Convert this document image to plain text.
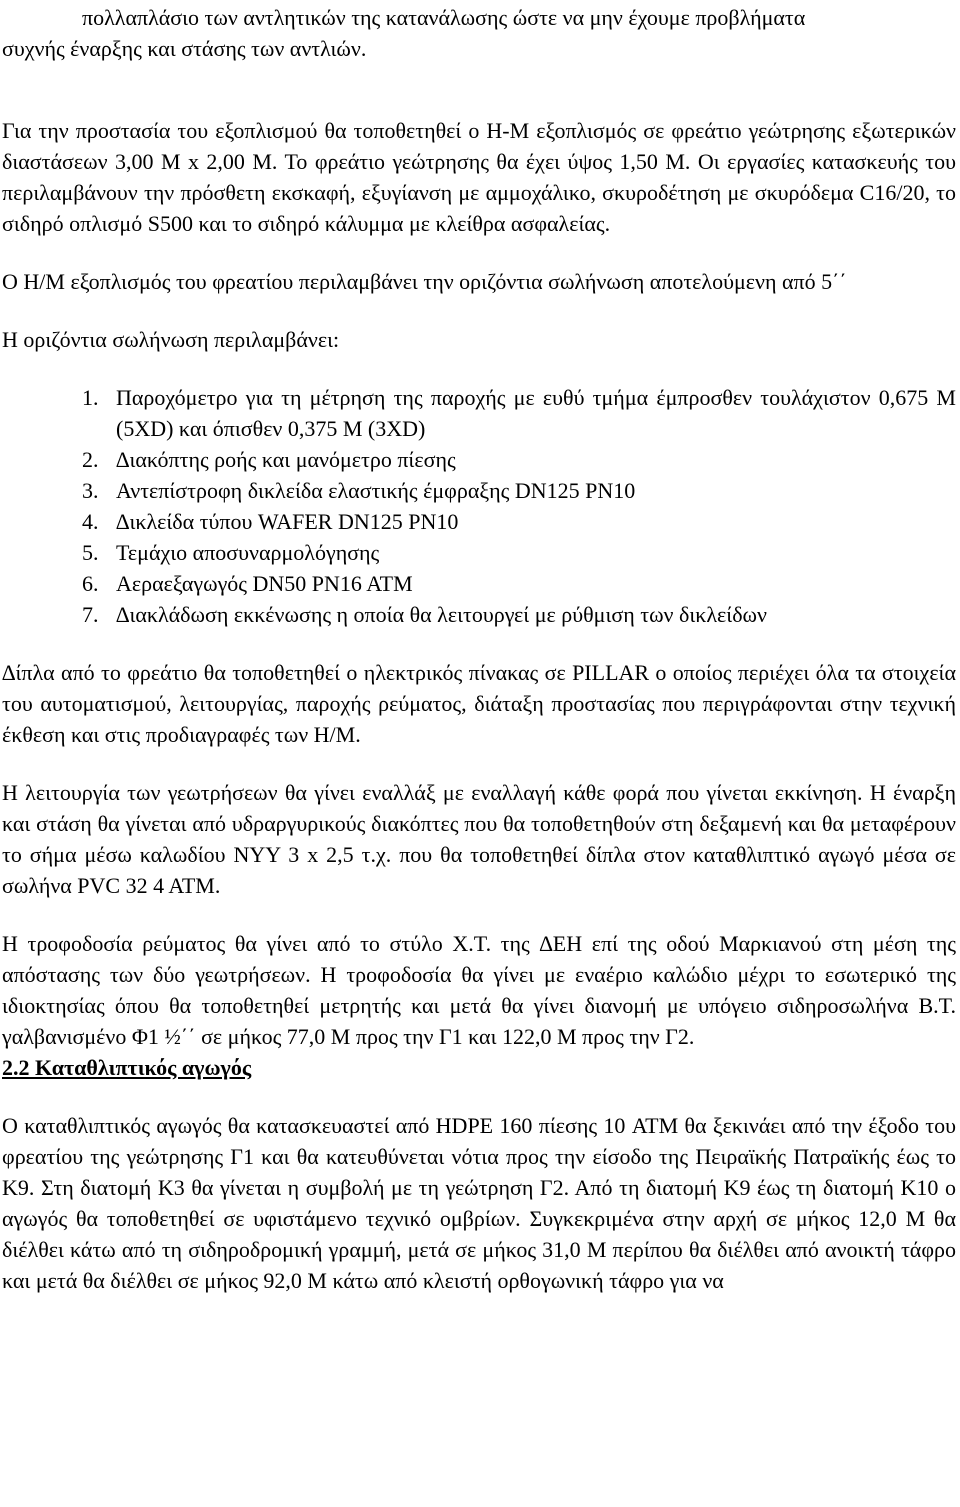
πολλαπλάσιο των αντλητικών της κατανάλωσης ώστε να μην έχουμε προβλήματα

συχνής έναρξης και στάσης των αντλιών.

Για την προστασία του εξοπλισμού θα τοποθετηθεί ο Η-Μ εξοπλισμός σε φρεάτιο γεώτρησης εξωτερικών διαστάσεων 3,00 Μ x 2,00 Μ. Το φρεάτιο γεώτρησης θα έχει ύψος 1,50 Μ. Οι εργασίες κατασκευής του περιλαμβάνουν την πρόσθετη εκσκαφή, εξυγίανση με αμμοχάλικο, σκυροδέτηση με σκυρόδεμα C16/20, το σιδηρό οπλισμό S500 και το σιδηρό κάλυμμα με κλείθρα ασφαλείας.

Ο Η/Μ εξοπλισμός του φρεατίου περιλαμβάνει την οριζόντια σωλήνωση αποτελούμενη από 5΄΄

Η οριζόντια σωλήνωση περιλαμβάνει:

1. Παροχόμετρο για τη μέτρηση της παροχής με ευθύ τμήμα έμπροσθεν τουλάχιστον 0,675 Μ (5XD) και όπισθεν 0,375 Μ (3XD)
2. ∆ιακόπτης ροής και μανόμετρο πίεσης
3. Αντεπίστροφη δικλείδα ελαστικής έμφραξης DN125 PN10
4. ∆ικλείδα τύπου WAFER DN125 PN10
5. Τεμάχιο αποσυναρμολόγησης
6. Αεραεξαγωγός DN50 PN16 ATM
7. ∆ιακλάδωση εκκένωσης η οποία θα λειτουργεί με ρύθμιση των δικλείδων

∆ίπλα από το φρεάτιο θα τοποθετηθεί ο ηλεκτρικός πίνακας σε PILLAR ο οποίος περιέχει όλα τα στοιχεία του αυτοματισμού, λειτουργίας, παροχής ρεύματος, διάταξη προστασίας που περιγράφονται στην τεχνική έκθεση και στις προδιαγραφές των Η/Μ.

Η λειτουργία των γεωτρήσεων θα γίνει εναλλάξ με εναλλαγή κάθε φορά που γίνεται εκκίνηση. Η έναρξη και στάση θα γίνεται από υδραργυρικούς διακόπτες που θα τοποθετηθούν στη δεξαμενή και θα μεταφέρουν το σήμα μέσω καλωδίου NYY 3 x 2,5 τ.χ. που θα τοποθετηθεί δίπλα στον καταθλιπτικό αγωγό μέσα σε σωλήνα PVC 32 4 ATM.

Η τροφοδοσία ρεύματος θα γίνει από το στύλο Χ.Τ. της ∆ΕΗ επί της οδού Μαρκιανού στη μέση της απόστασης των δύο γεωτρήσεων. Η τροφοδοσία θα γίνει με εναέριο καλώδιο μέχρι το εσωτερικό της ιδιοκτησίας όπου θα τοποθετηθεί μετρητής και μετά θα γίνει διανομή με υπόγειο σιδηροσωλήνα Β.Τ. γαλβανισμένο Φ1 ½΄΄ σε μήκος 77,0 Μ προς την Γ1 και 122,0 Μ προς την Γ2.

2.2 Καταθλιπτικός αγωγός

Ο καταθλιπτικός αγωγός θα κατασκευαστεί από HDPE 160 πίεσης 10 ATM θα ξεκινάει από την έξοδο του φρεατίου της γεώτρησης Γ1 και θα κατευθύνεται νότια προς την είσοδο της Πειραϊκής Πατραϊκής έως το Κ9. Στη διατομή Κ3 θα γίνεται η συμβολή με τη γεώτρηση Γ2. Από τη διατομή Κ9 έως τη διατομή Κ10 ο αγωγός θα τοποθετηθεί σε υφιστάμενο τεχνικό ομβρίων. Συγκεκριμένα στην αρχή σε μήκος 12,0 Μ θα διέλθει κάτω από τη σιδηροδρομική γραμμή, μετά σε μήκος 31,0 Μ περίπου θα διέλθει από ανοικτή τάφρο και μετά θα διέλθει σε μήκος 92,0 Μ κάτω από κλειστή ορθογωνική τάφρο για να
